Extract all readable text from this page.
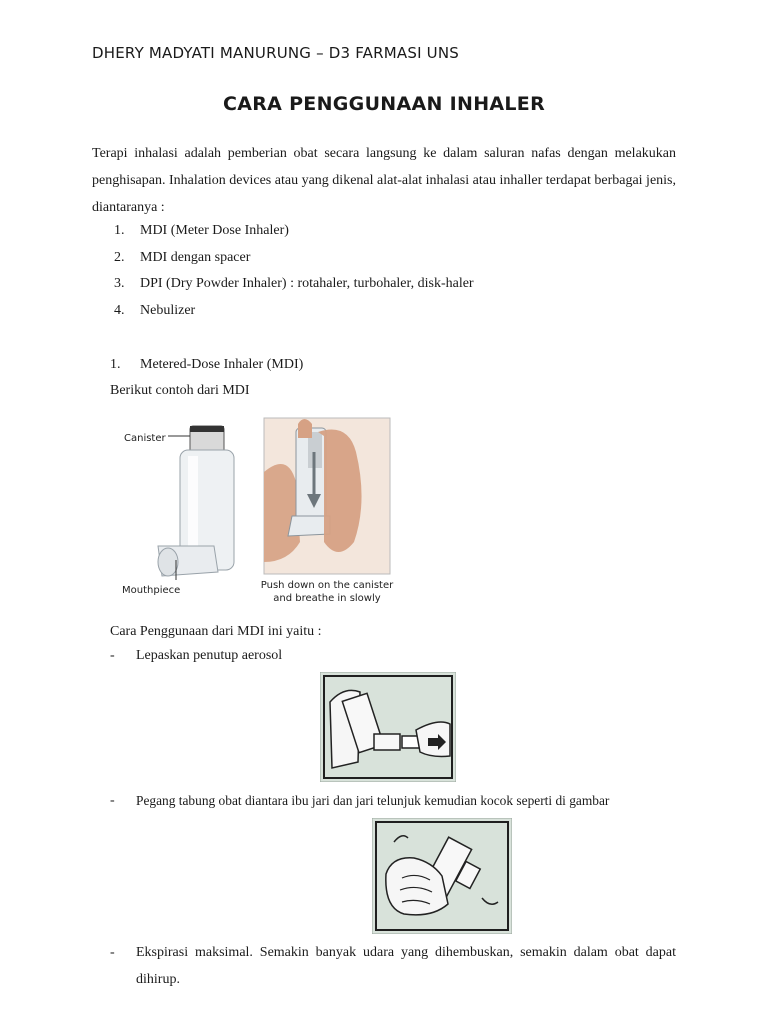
DHERY MADYATI MANURUNG – D3 FARMASI UNS
CARA PENGGUNAAN INHALER

Terapi inhalasi adalah pemberian obat secara langsung ke dalam saluran nafas dengan melakukan penghisapan. Inhalation devices atau yang dikenal alat-alat inhalasi atau inhaller terdapat berbagai jenis, diantaranya :

1.	MDI (Meter Dose Inhaler)
2.	MDI dengan spacer
3.	DPI (Dry Powder Inhaler) : rotahaler, turbohaler, disk-haler
4.	Nebulizer
1. Metered-Dose Inhaler (MDI)
Berikut contoh dari MDI
Canister
Mouthpiece	Push down on the canister
and breathe in slowly
Cara Penggunaan dari MDI ini yaitu :
- Lepaskan penutup aerosol
- Pegang tabung obat diantara ibu jari dan jari telunjuk kemudian kocok seperti di gambar
- Ekspirasi maksimal. Semakin banyak udara yang dihembuskan, semakin dalam obat dapat dihirup.
